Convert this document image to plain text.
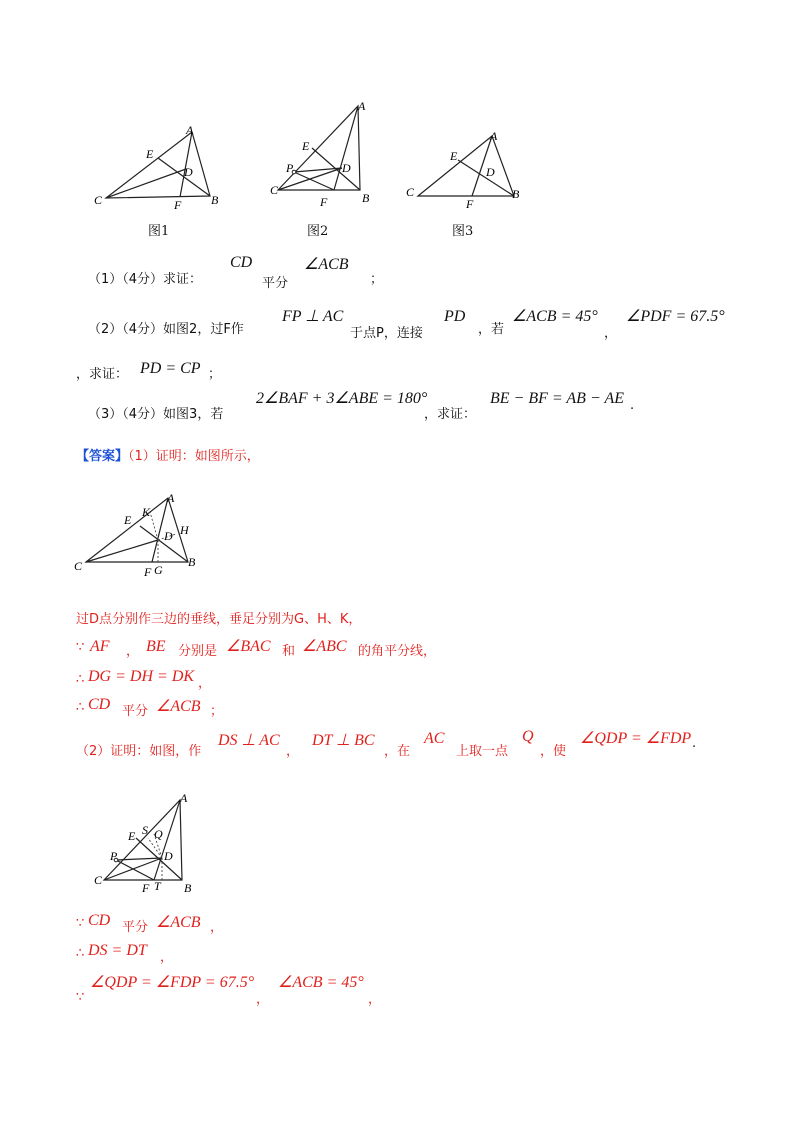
A
E
D
C	F B
图1
A
E
P	D
C
F	B
图2
A
E
D
C
F
B
图3
（1）（4分）求证：
CD
平分
∠ACB
；
（2）（4分）如图2，过F作
FP ⊥ AC
于点P，连接
PD
，若
∠ACB = 45°
，
∠PDF = 67.5°
，求证： PD = CP ；
（3）（4分）如图3，若
2∠BAF + 3∠ABE = 180°
，求证：
BE − BF = AB − AE .
【答案】（1）证明：如图所示，
A
K
E
H
D
C	F G
B
过D点分别作三边的垂线，垂足分别为G、H、K，
∵ AF ， BE 分别是 ∠BAC 和 ∠ABC 的角平分线，
∴ DG = DH = DK ，
∴ CD 平分 ∠ACB ；
（2）证明：如图，作
DS ⊥ AC
，
DT ⊥ BC
，在
AC
上取一点
Q
，使
∠QDP = ∠FDP .
A
E S Q
P	D
C
F T B
∵ CD 平分 ∠ACB ，
∴ DS = DT ，
∵
∠QDP = ∠FDP = 67.5°
，
∠ACB = 45°
，
